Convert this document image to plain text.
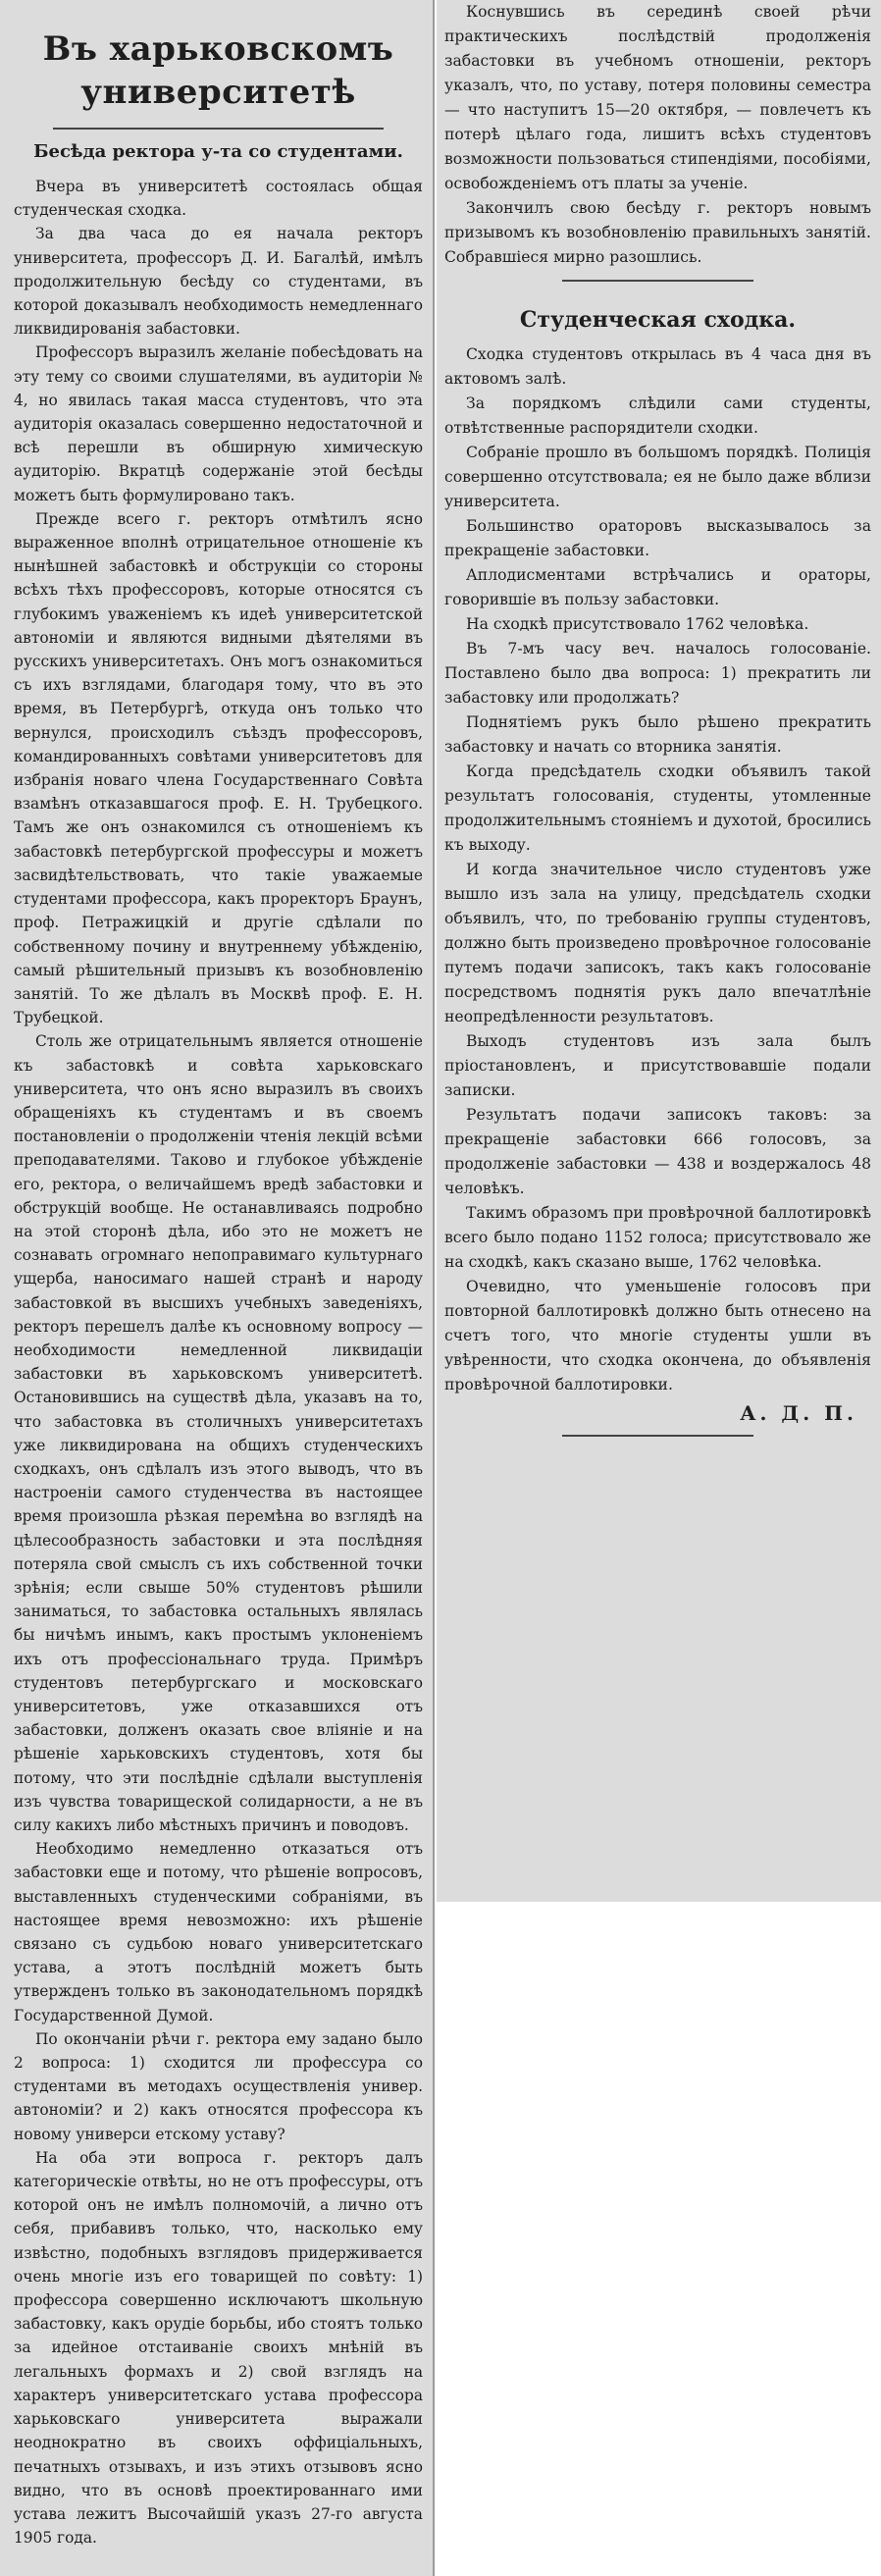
Въ харьковскомъ университетѣ
Бесѣда ректора у-та со студентами.

Вчера въ университетѣ состоялась общая студенческая сходка.

За два часа до ея начала ректоръ университета, профессоръ Д. И. Багалѣй, имѣлъ продолжительную бесѣду со студентами, въ которой доказывалъ необходимость немедленнаго ликвидированія забастовки.

Профессоръ выразилъ желаніе побесѣдовать на эту тему со своими слушателями, въ аудиторіи № 4, но явилась такая масса студентовъ, что эта аудиторія оказалась совершенно недостаточной и всѣ перешли въ обширную химическую аудиторію. Вкратцѣ содержаніе этой бесѣды можетъ быть формулировано такъ.

Прежде всего г. ректоръ отмѣтилъ ясно выраженное вполнѣ отрицательное отношеніе къ нынѣшней забастовкѣ и обструкціи со стороны всѣхъ тѣхъ профессоровъ, которые относятся съ глубокимъ уваженіемъ къ идеѣ университетской автономіи и являются видными дѣятелями въ русскихъ университетахъ. Онъ могъ ознакомиться съ ихъ взглядами, благодаря тому, что въ это время, въ Петербургѣ, откуда онъ только что вернулся, происходилъ съѣздъ профессоровъ, командированныхъ совѣтами университетовъ для избранія новаго члена Государственнаго Совѣта взамѣнъ отказавшагося проф. Е. Н. Трубецкого. Тамъ же онъ ознакомился съ отношеніемъ къ забастовкѣ петербургской профессуры и можетъ засвидѣтельствовать, что такіе уважаемые студентами профессора, какъ проректоръ Браунъ, проф. Петражицкій и другіе сдѣлали по собственному почину и внутреннему убѣжденію, самый рѣшительный призывъ къ возобновленію занятій. То же дѣлалъ въ Москвѣ проф. Е. Н. Трубецкой.

Столь же отрицательнымъ является отношеніе къ забастовкѣ и совѣта харьковскаго университета, что онъ ясно выразилъ въ своихъ обращеніяхъ къ студентамъ и въ своемъ постановленіи о продолженіи чтенія лекцій всѣми преподавателями. Таково и глубокое убѣжденіе его, ректора, о величайшемъ вредѣ забастовки и обструкцій вообще. Не останавливаясь подробно на этой сторонѣ дѣла, ибо это не можетъ не сознавать огромнаго непоправимаго культурнаго ущерба, наносимаго нашей странѣ и народу забастовкой въ высшихъ учебныхъ заведеніяхъ, ректоръ перешелъ далѣе къ основному вопросу — необходимости немедленной ликвидаціи забастовки въ харьковскомъ университетѣ. Остановившись на существѣ дѣла, указавъ на то, что забастовка въ столичныхъ университетахъ уже ликвидирована на общихъ студенческихъ сходкахъ, онъ сдѣлалъ изъ этого выводъ, что въ настроеніи самого студенчества въ настоящее время произошла рѣзкая перемѣна во взглядѣ на цѣлесообразность забастовки и эта послѣдняя потеряла свой смыслъ съ ихъ собственной точки зрѣнія; если свыше 50% студентовъ рѣшили заниматься, то забастовка остальныхъ являлась бы ничѣмъ инымъ, какъ простымъ уклоненіемъ ихъ отъ профессіональнаго труда. Примѣръ студентовъ петербургскаго и московскаго университетовъ, уже отказавшихся отъ забастовки, долженъ оказать свое вліяніе и на рѣшеніе харьковскихъ студентовъ, хотя бы потому, что эти послѣдніе сдѣлали выступленія изъ чувства товарищеской солидарности, а не въ силу какихъ либо мѣстныхъ причинъ и поводовъ.

Необходимо немедленно отказаться отъ забастовки еще и потому, что рѣшеніе вопросовъ, выставленныхъ студенческими собраніями, въ настоящее время невозможно: ихъ рѣшеніе связано съ судьбою новаго университетскаго устава, а этотъ послѣдній можетъ быть утвержденъ только въ законодательномъ порядкѣ Государственной Думой.

По окончаніи рѣчи г. ректора ему задано было 2 вопроса: 1) сходится ли профессура со студентами въ методахъ осуществленія универ. автономіи? и 2) какъ относятся профессора къ новому универси етскому уставу?

На оба эти вопроса г. ректоръ далъ категорическіе отвѣты, но не отъ профессуры, отъ которой онъ не имѣлъ полномочій, а лично отъ себя, прибавивъ только, что, насколько ему извѣстно, подобныхъ взглядовъ придерживается очень многіе изъ его товарищей по совѣту: 1) профессора совершенно исключаютъ школьную забастовку, какъ орудіе борьбы, ибо стоятъ только за идейное отстаиваніе своихъ мнѣній въ легальныхъ формахъ и 2) свой взглядъ на характеръ университетскаго устава профессора харьковскаго университета выражали неоднократно въ своихъ оффиціальныхъ, печатныхъ отзывахъ, и изъ этихъ отзывовъ ясно видно, что въ основѣ проектированнаго ими устава лежитъ Высочайшій указъ 27-го августа 1905 года.

Коснувшись въ серединѣ своей рѣчи практическихъ послѣдствій продолженія забастовки въ учебномъ отношеніи, ректоръ указалъ, что, по уставу, потеря половины семестра — что наступитъ 15—20 октября, — повлечетъ къ потерѣ цѣлаго года, лишитъ всѣхъ студентовъ возможности пользоваться стипендіями, пособіями, освобожденіемъ отъ платы за ученіе.

Закончилъ свою бесѣду г. ректоръ новымъ призывомъ къ возобновленію правильныхъ занятій. Собравшіеся мирно разошлись.

Студенческая сходка.

Сходка студентовъ открылась въ 4 часа дня въ актовомъ залѣ.

За порядкомъ слѣдили сами студенты, отвѣтственные распорядители сходки.

Собраніе прошло въ большомъ порядкѣ. Полиція совершенно отсутствовала; ея не было даже вблизи университета.

Большинство ораторовъ высказывалось за прекращеніе забастовки.

Аплодисментами встрѣчались и ораторы, говорившіе въ пользу забастовки.

На сходкѣ присутствовало 1762 человѣка.

Въ 7-мъ часу веч. началось голосованіе. Поставлено было два вопроса: 1) прекратить ли забастовку или продолжать?

Поднятіемъ рукъ было рѣшено прекратить забастовку и начать со вторника занятія.

Когда предсѣдатель сходки объявилъ такой результатъ голосованія, студенты, утомленные продолжительнымъ стояніемъ и духотой, бросились къ выходу.

И когда значительное число студентовъ уже вышло изъ зала на улицу, предсѣдатель сходки объявилъ, что, по требованію группы студентовъ, должно быть произведено провѣрочное голосованіе путемъ подачи записокъ, такъ какъ голосованіе посредствомъ поднятія рукъ дало впечатлѣніе неопредѣленности результатовъ.

Выходъ студентовъ изъ зала былъ пріостановленъ, и присутствовавшіе подали записки.

Результатъ подачи записокъ таковъ: за прекращеніе забастовки 666 голосовъ, за продолженіе забастовки — 438 и воздержалось 48 человѣкъ.

Такимъ образомъ при провѣрочной баллотировкѣ всего было подано 1152 голоса; присутствовало же на сходкѣ, какъ сказано выше, 1762 человѣка.

Очевидно, что уменьшеніе голосовъ при повторной баллотировкѣ должно быть отнесено на счетъ того, что многіе студенты ушли въ увѣренности, что сходка окончена, до объявленія провѣрочной баллотировки.

А. Д. П.
